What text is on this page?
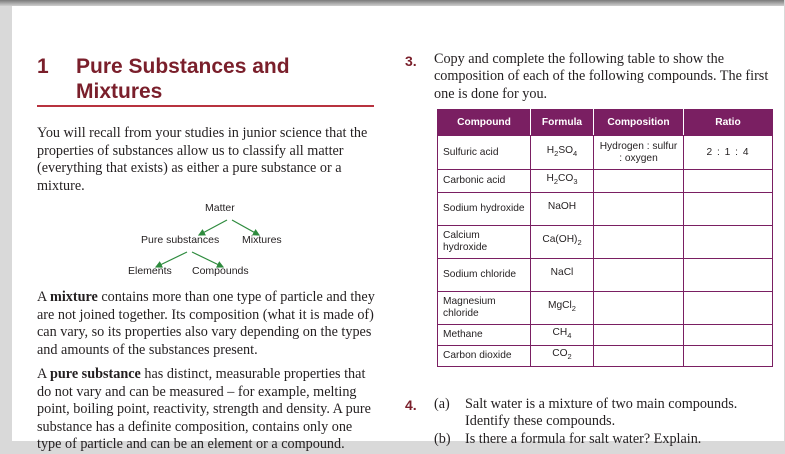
1 Pure Substances and Mixtures
You will recall from your studies in junior science that the properties of substances allow us to classify all matter (everything that exists) as either a pure substance or a mixture.
Matter
Pure substances Mixtures
Elements Compounds
A mixture contains more than one type of particle and they are not joined together. Its composition (what it is made of) can vary, so its properties also vary depending on the types and amounts of the substances present.
A pure substance has distinct, measurable properties that do not vary and can be measured – for example, melting point, boiling point, reactivity, strength and density. A pure substance has a definite composition, contains only one type of particle and can be an element or a compound.
3. Copy and complete the following table to show the composition of each of the following compounds. The first one is done for you.
Compound	Formula	Composition	Ratio
Sulfuric acid	$H_2SO_4$	Hydrogen : sulfur : oxygen	2 : 1 : 4
Carbonic acid	$H_2CO_3$		
Sodium hydroxide	NaOH		
Calcium hydroxide	$Ca(OH)_2$		
Sodium chloride	NaCl		
Magnesium chloride	MgCl$_2$		
Methane	$CH_4$		
Carbon dioxide	$CO_2$		
4. (a) Salt water is a mixture of two main compounds. Identify these compounds.
(b) Is there a formula for salt water? Explain.
